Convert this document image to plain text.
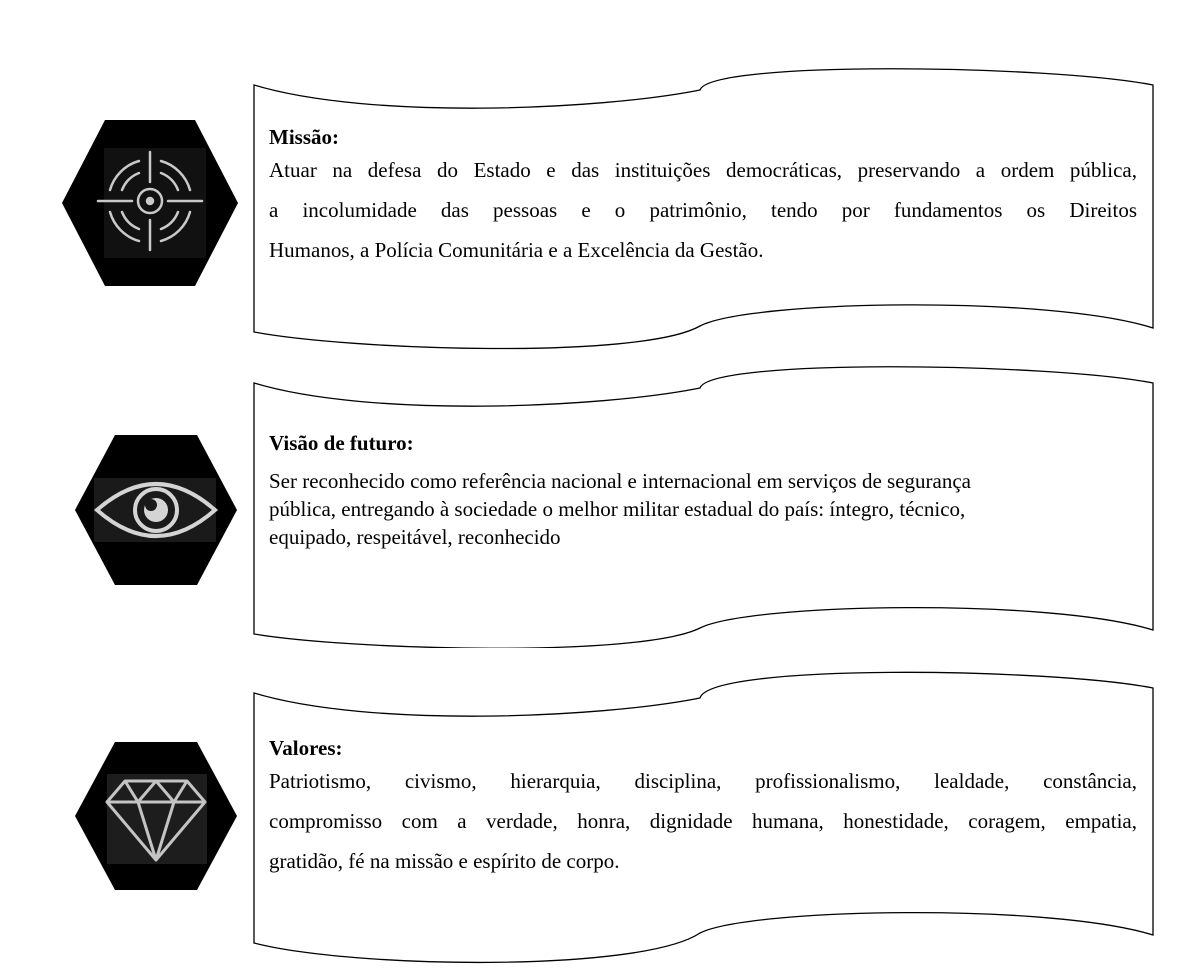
Missão:

Atuar na defesa do Estado e das instituições democráticas, preservando a ordem pública,
a incolumidade das pessoas e o patrimônio, tendo por fundamentos os Direitos
Humanos, a Polícia Comunitária e a Excelência da Gestão.

Visão de futuro:

Ser reconhecido como referência nacional e internacional em serviços de segurança
pública, entregando à sociedade o melhor militar estadual do país: íntegro, técnico,
equipado, respeitável, reconhecido

Valores:

Patriotismo, civismo, hierarquia, disciplina, profissionalismo, lealdade, constância,
compromisso com a verdade, honra, dignidade humana, honestidade, coragem, empatia,
gratidão, fé na missão e espírito de corpo.
